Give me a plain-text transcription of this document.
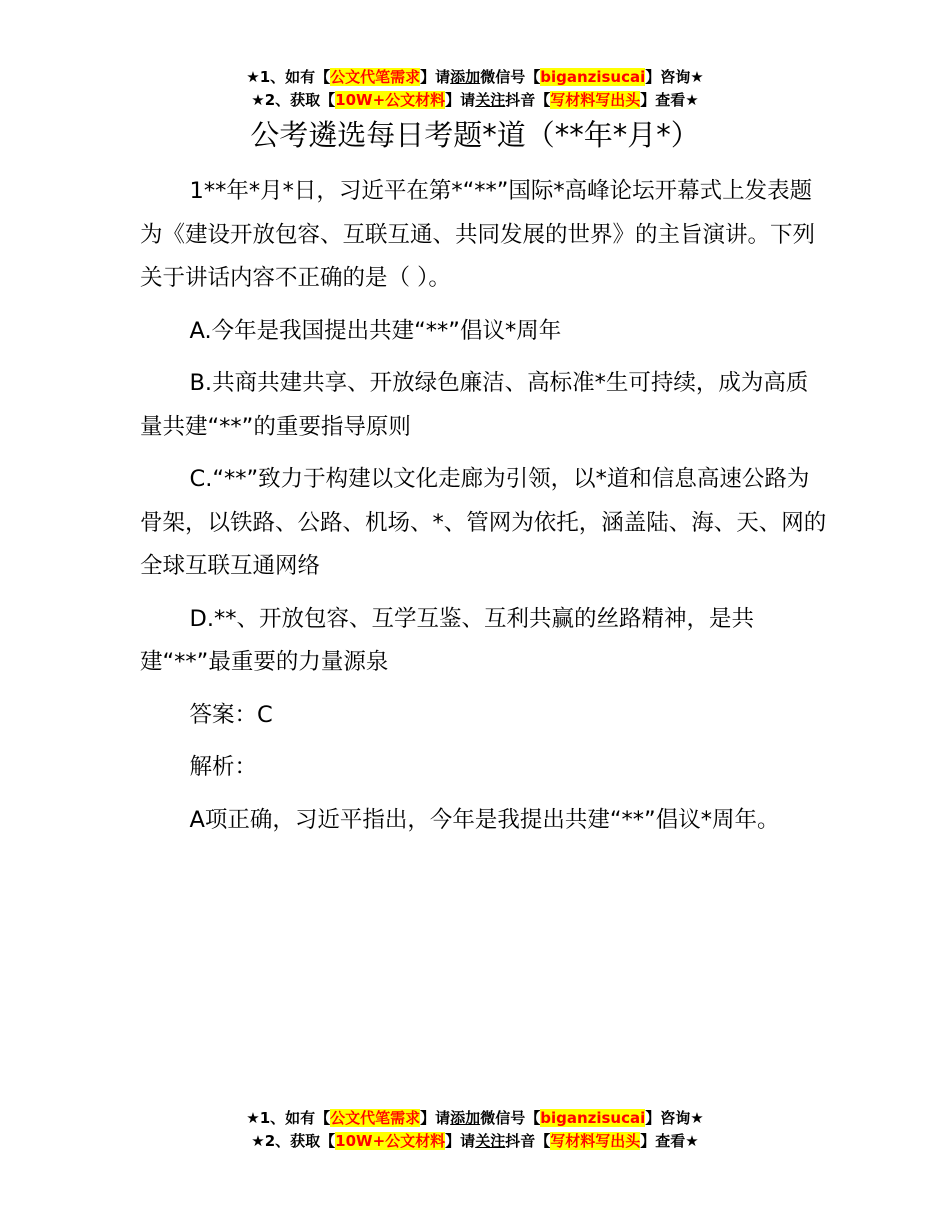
★1、如有【公文代笔需求】请添加微信号【biganzisucai】咨询★
★2、获取【10W+公文材料】请关注抖音【写材料写出头】查看★
公考遴选每日考题*道（**年*月*）

1**年*月*日，习近平在第*“**”国际*高峰论坛开幕式上发表题为《建设开放包容、互联互通、共同发展的世界》的主旨演讲。下列关于讲话内容不正确的是（ ）。

A.今年是我国提出共建“**”倡议*周年

B.共商共建共享、开放绿色廉洁、高标准*生可持续，成为高质量共建“**”的重要指导原则

C.“**”致力于构建以文化走廊为引领，以*道和信息高速公路为骨架，以铁路、公路、机场、*、管网为依托，涵盖陆、海、天、网的全球互联互通网络

D.**、开放包容、互学互鉴、互利共赢的丝路精神，是共建“**”最重要的力量源泉

答案：C

解析：

A项正确，习近平指出，今年是我提出共建“**”倡议*周年。

★1、如有【公文代笔需求】请添加微信号【biganzisucai】咨询★
★2、获取【10W+公文材料】请关注抖音【写材料写出头】查看★
